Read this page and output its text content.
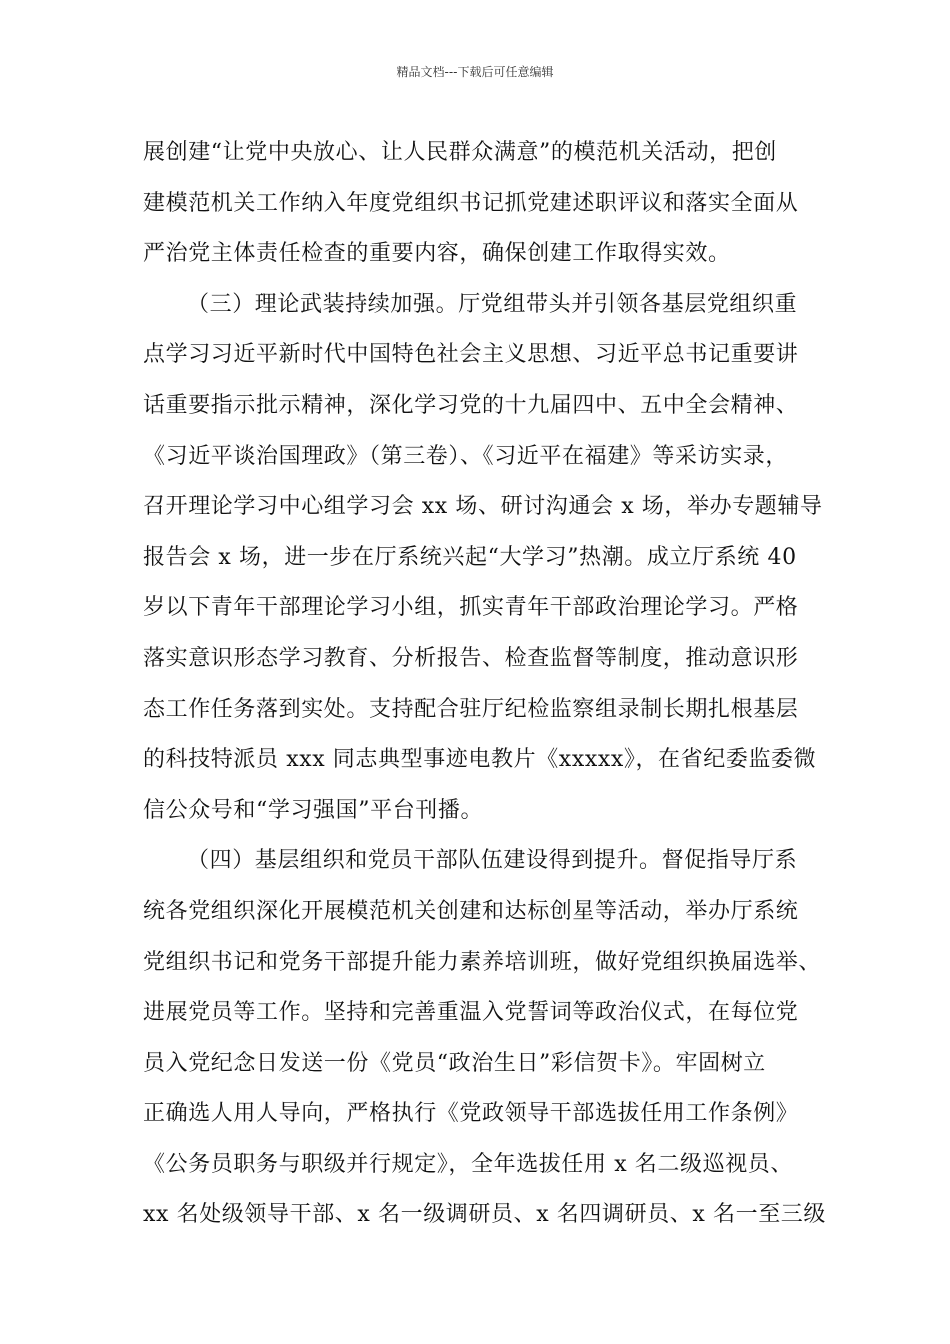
精品文档---下载后可任意编辑
展创建“让党中央放心、让人民群众满意”的模范机关活动，把创
建模范机关工作纳入年度党组织书记抓党建述职评议和落实全面从
严治党主体责任检查的重要内容，确保创建工作取得实效。
（三）理论武装持续加强。厅党组带头并引领各基层党组织重
点学习习近平新时代中国特色社会主义思想、习近平总书记重要讲
话重要指示批示精神，深化学习党的十九届四中、五中全会精神、
《习近平谈治国理政》（第三卷）、《习近平在福建》等采访实录，
召开理论学习中心组学习会 xx 场、研讨沟通会 x 场，举办专题辅导
报告会 x 场，进一步在厅系统兴起“大学习”热潮。成立厅系统 40
岁以下青年干部理论学习小组，抓实青年干部政治理论学习。严格
落实意识形态学习教育、分析报告、检查监督等制度，推动意识形
态工作任务落到实处。支持配合驻厅纪检监察组录制长期扎根基层
的科技特派员 xxx 同志典型事迹电教片《xxxxx》，在省纪委监委微
信公众号和“学习强国”平台刊播。
（四）基层组织和党员干部队伍建设得到提升。督促指导厅系
统各党组织深化开展模范机关创建和达标创星等活动，举办厅系统
党组织书记和党务干部提升能力素养培训班，做好党组织换届选举、
进展党员等工作。坚持和完善重温入党誓词等政治仪式，在每位党
员入党纪念日发送一份《党员“政治生日”彩信贺卡》。牢固树立
正确选人用人导向，严格执行《党政领导干部选拔任用工作条例》
《公务员职务与职级并行规定》，全年选拔任用 x 名二级巡视员、
xx 名处级领导干部、x 名一级调研员、x 名四调研员、x 名一至三级
